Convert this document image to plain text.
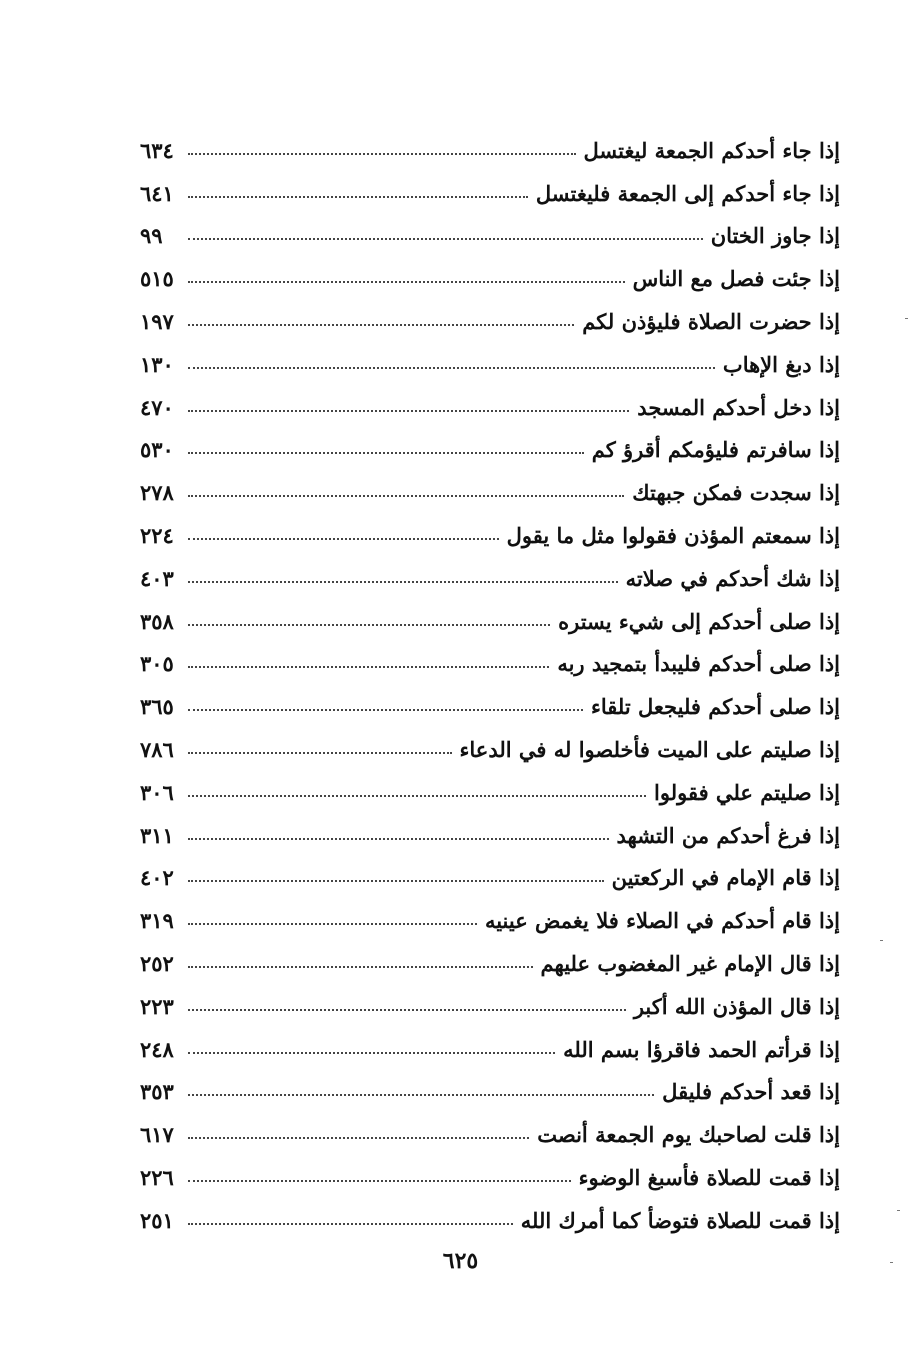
إذا جاء أحدكم الجمعة ليغتسل
٦٣٤
إذا جاء أحدكم إلى الجمعة فليغتسل
٦٤١
إذا جاوز الختان
٩٩
إذا جئت فصل مع الناس
٥١٥
إذا حضرت الصلاة فليؤذن لكم
١٩٧
إذا دبغ الإهاب
١٣٠
إذا دخل أحدكم المسجد
٤٧٠
إذا سافرتم فليؤمكم أقرؤ كم
٥٣٠
إذا سجدت فمكن جبهتك
٢٧٨
إذا سمعتم المؤذن فقولوا مثل ما يقول
٢٢٤
إذا شك أحدكم في صلاته
٤٠٣
إذا صلى أحدكم إلى شيء يستره
٣٥٨
إذا صلى أحدكم فليبدأ بتمجيد ربه
٣٠٥
إذا صلى أحدكم فليجعل تلقاء
٣٦٥
إذا صليتم على الميت فأخلصوا له في الدعاء
٧٨٦
إذا صليتم علي فقولوا
٣٠٦
إذا فرغ أحدكم من التشهد
٣١١
إذا قام الإمام في الركعتين
٤٠٢
إذا قام أحدكم في الصلاء فلا يغمض عينيه
٣١٩
إذا قال الإمام غير المغضوب عليهم
٢٥٢
إذا قال المؤذن الله أكبر
٢٢٣
إذا قرأتم الحمد فاقرؤا بسم الله
٢٤٨
إذا قعد أحدكم فليقل
٣٥٣
إذا قلت لصاحبك يوم الجمعة أنصت
٦١٧
إذا قمت للصلاة فأسبغ الوضوء
٢٢٦
إذا قمت للصلاة فتوضأ كما أمرك الله
٢٥١
٦٢٥
